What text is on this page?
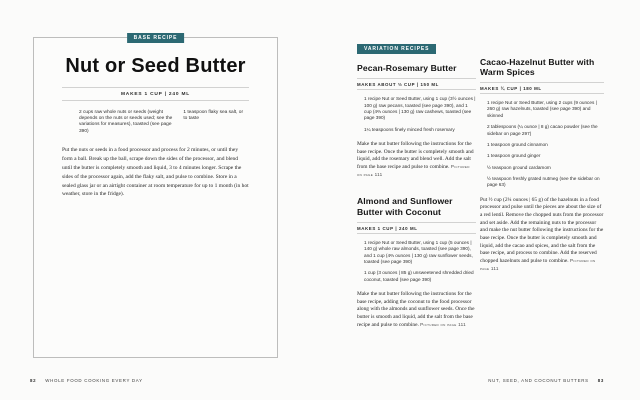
BASE RECIPE
Nut or Seed Butter
MAKES 1 CUP | 240 ML

2 cups raw whole nuts or seeds (weight depends on the nuts or seeds used; see the variations for measures), toasted (see page 390)

1 teaspoon flaky sea salt, or to taste

Put the nuts or seeds in a food processor and process for 2 minutes, or until they form a ball. Break up the ball, scrape down the sides of the processor, and blend until the butter is completely smooth and liquid, 3 to 4 minutes longer. Scrape the sides of the processor again, add the flaky salt, and pulse to combine. Store in a sealed glass jar or an airtight container at room temperature for up to 1 month (in hot weather, store in the fridge).

82 WHOLE FOOD COOKING EVERY DAY
VARIATION RECIPES
Pecan-Rosemary Butter
MAKES ABOUT ⅔ CUP | 150 ML

1 recipe Nut or Seed Butter, using 1 cup (3½ ounces | 100 g) raw pecans, toasted (see page 390), and 1 cup (4⅔ ounces | 130 g) raw cashews, toasted (see page 390)

1¼ teaspoons finely minced fresh rosemary

Make the nut butter following the instructions for the base recipe. Once the butter is completely smooth and liquid, add the rosemary and blend well. Add the salt from the base recipe and pulse to combine. Pictured on page 111

Almond and Sunflower Butter with Coconut
MAKES 1 CUP | 240 ML

1 recipe Nut or Seed Butter, using 1 cup (5 ounces | 140 g) whole raw almonds, toasted (see page 390), and 1 cup (4⅔ ounces | 130 g) raw sunflower seeds, toasted (see page 390)

1 cup (3 ounces | 85 g) unsweetened shredded dried coconut, toasted (see page 390)

Make the nut butter following the instructions for the base recipe, adding the coconut to the food processor along with the almonds and sunflower seeds. Once the butter is smooth and liquid, add the salt from the base recipe and pulse to combine. Pictured on page 111

Cacao-Hazelnut Butter with Warm Spices
MAKES ¾ CUP | 180 ML

1 recipe Nut or Seed Butter, using 2 cups (9 ounces | 260 g) raw hazelnuts, toasted (see page 390) and skinned

2 tablespoons (¼ ounce | 8 g) cacao powder (see the sidebar on page 297)

1 teaspoon ground cinnamon

1 teaspoon ground ginger

½ teaspoon ground cardamom

½ teaspoon freshly grated nutmeg (see the sidebar on page 63)

Put ½ cup (2¼ ounces | 65 g) of the hazelnuts in a food processor and pulse until the pieces are about the size of a red lentil. Remove the chopped nuts from the processor and set aside. Add the remaining nuts to the processor and make the nut butter following the instructions for the base recipe. Once the butter is completely smooth and liquid, add the cacao and spices, and the salt from the base recipe, and process to combine. Add the reserved chopped hazelnuts and pulse to combine. Pictured on page 111

NUT, SEED, AND COCONUT BUTTERS 83
